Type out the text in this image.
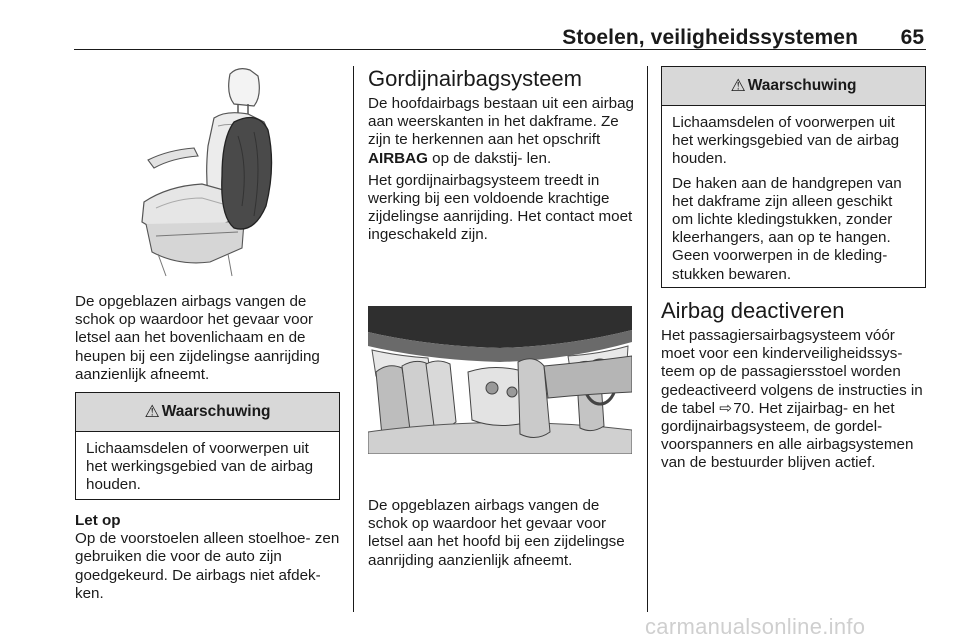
Stoelen, veiligheidssystemen 65

De opgeblazen airbags vangen de schok op waardoor het gevaar voor letsel aan het bovenlichaam en de heupen bij een zijdelingse aanrijding aanzienlijk afneemt.

⚠ Waarschuwing

Lichaamsdelen of voorwerpen uit het werkingsgebied van de airbag houden.

Let op

Op de voorstoelen alleen stoelhoe- zen gebruiken die voor de auto zijn goedgekeurd. De airbags niet afdek- ken.

Gordijnairbagsysteem

De hoofdairbags bestaan uit een airbag aan weerskanten in het dakframe. Ze zijn te herkennen aan het opschrift AIRBAG op de dakstij- len.

Het gordijnairbagsysteem treedt in werking bij een voldoende krachtige zijdelingse aanrijding. Het contact moet ingeschakeld zijn.

De opgeblazen airbags vangen de schok op waardoor het gevaar voor letsel aan het hoofd bij een zijdelingse aanrijding aanzienlijk afneemt.

⚠ Waarschuwing

Lichaamsdelen of voorwerpen uit het werkingsgebied van de airbag houden.

De haken aan de handgrepen van het dakframe zijn alleen geschikt om lichte kledingstukken, zonder kleerhangers, aan op te hangen. Geen voorwerpen in de kleding- stukken bewaren.

Airbag deactiveren

Het passagiersairbagsysteem vóór moet voor een kinderveiligheidssys- teem op de passagiersstoel worden gedeactiveerd volgens de instructies in de tabel ⇨ 70. Het zijairbag- en het gordijnairbagsysteem, de gordel- voorspanners en alle airbagsystemen van de bestuurder blijven actief.

carmanualsonline.info
